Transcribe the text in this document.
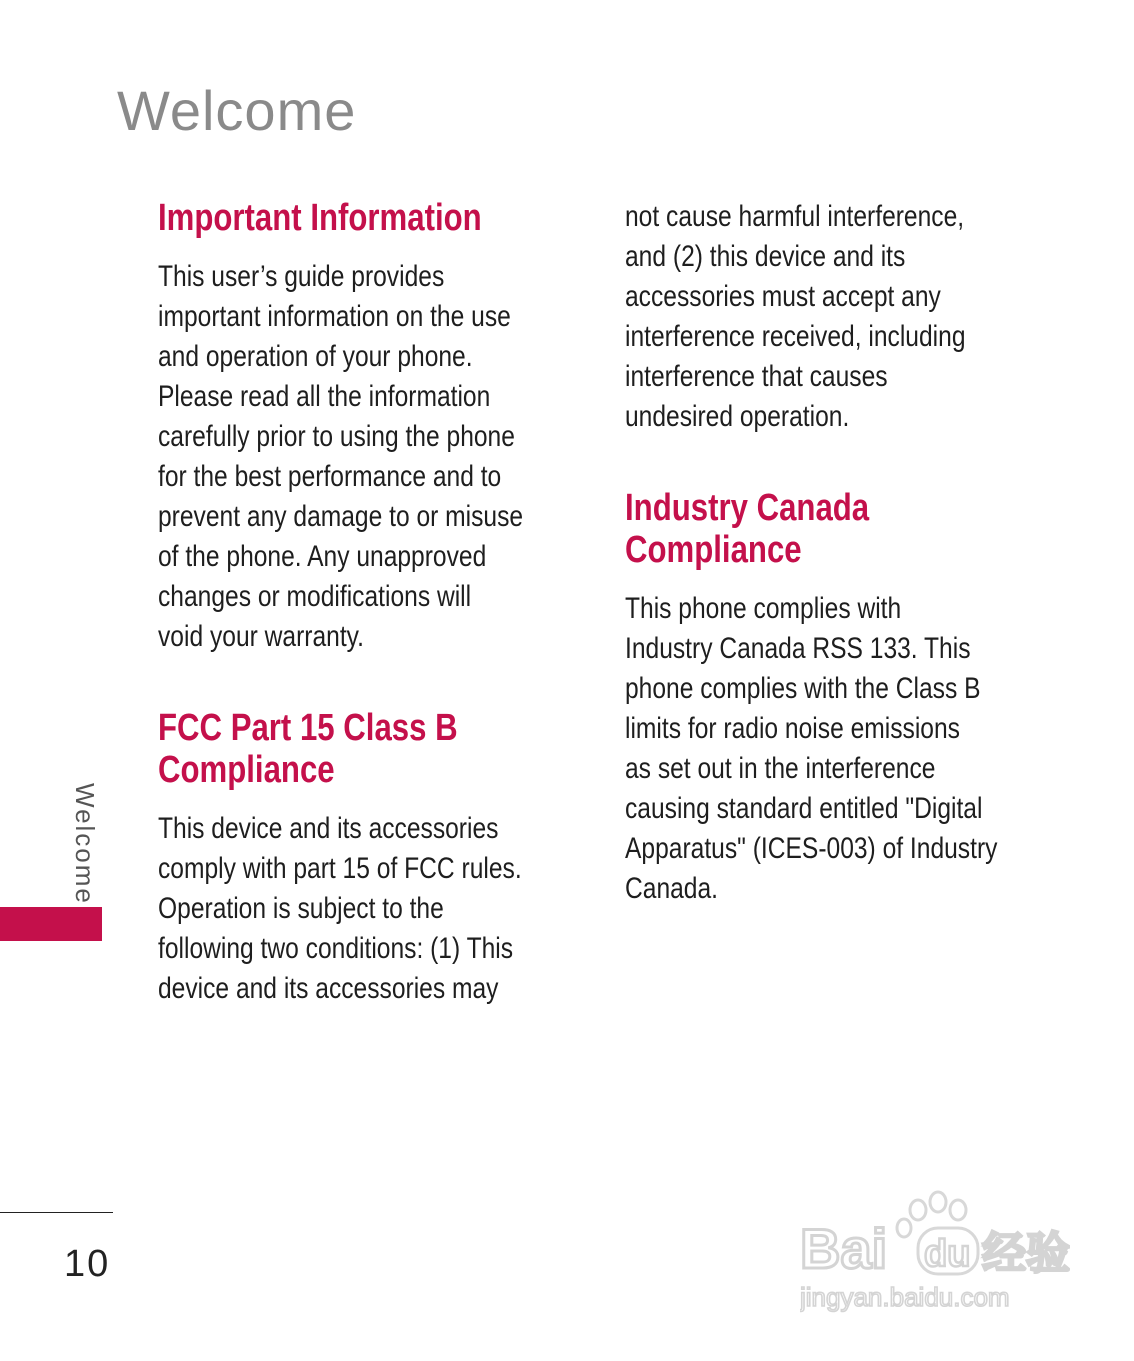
Welcome
Important Information
This user’s guide provides
important information on the use
and operation of your phone.
Please read all the information
carefully prior to using the phone
for the best performance and to
prevent any damage to or misuse
of the phone. Any unapproved
changes or modifications will
void your warranty.
FCC Part 15 Class B
Compliance
This device and its accessories
comply with part 15 of FCC rules.
Operation is subject to the
following two conditions: (1) This
device and its accessories may
not cause harmful interference,
and (2) this device and its
accessories must accept any
interference received, including
interference that causes
undesired operation.
Industry Canada
Compliance
This phone complies with
Industry Canada RSS 133. This
phone complies with the Class B
limits for radio noise emissions
as set out in the interference
causing standard entitled "Digital
Apparatus" (ICES-003) of Industry
Canada.
Welcome
10	Bai du 经验
jingyan.baidu.com
